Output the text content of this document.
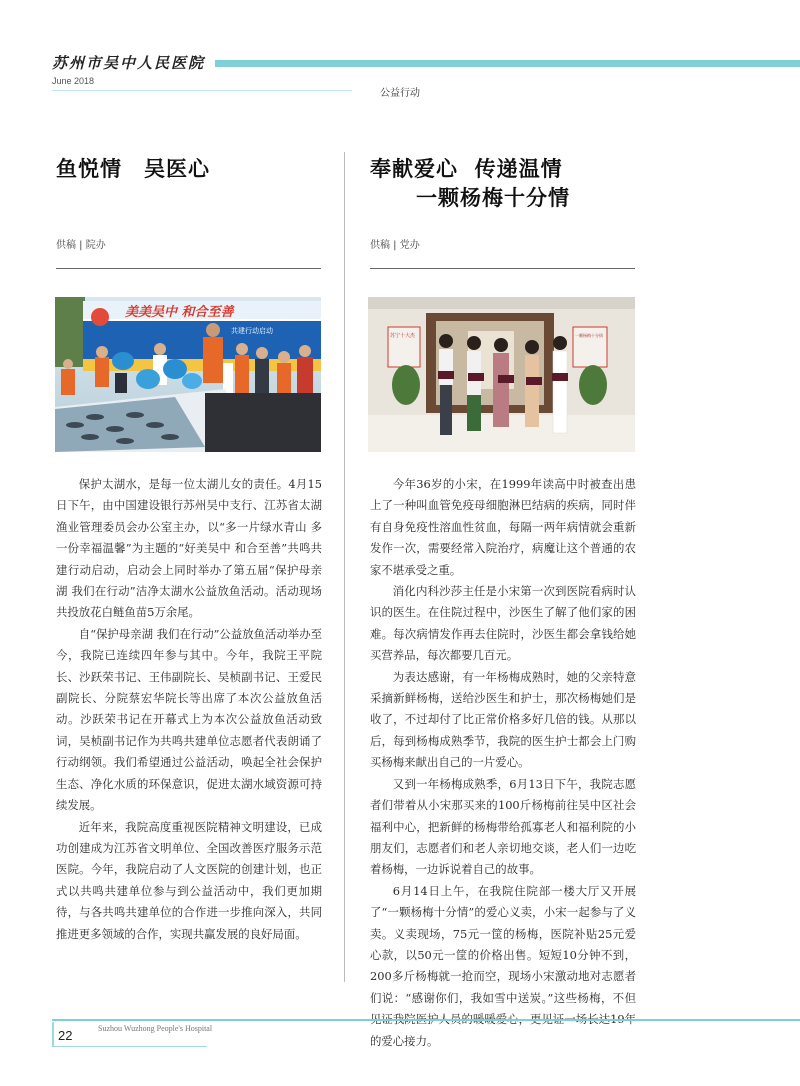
苏州市吴中人民医院
June 2018
公益行动
鱼悦情　吴医心
供稿 | 院办
美美吴中 和合至善
共建行动启动

保护太湖水，是每一位太湖儿女的责任。4月15日下午，由中国建设银行苏州吴中支行、江苏省太湖渔业管理委员会办公室主办，以“多一片绿水青山 多一份幸福温馨”为主题的“好美吴中 和合至善”共鸣共建行动启动，启动会上同时举办了第五届“保护母亲湖 我们在行动”洁净太湖水公益放鱼活动。活动现场共投放花白鲢鱼苗5万余尾。

自“保护母亲湖 我们在行动”公益放鱼活动举办至今，我院已连续四年参与其中。今年，我院王平院长、沙跃荣书记、王伟副院长、吴桢副书记、王爱民副院长、分院蔡宏华院长等出席了本次公益放鱼活动。沙跃荣书记在开幕式上为本次公益放鱼活动致词，吴桢副书记作为共鸣共建单位志愿者代表朗诵了行动纲领。我们希望通过公益活动，唤起全社会保护生态、净化水质的环保意识，促进太湖水域资源可持续发展。

近年来，我院高度重视医院精神文明建设，已成功创建成为江苏省文明单位、全国改善医疗服务示范医院。今年，我院启动了人文医院的创建计划，也正式以共鸣共建单位参与到公益活动中，我们更加期待，与各共鸣共建单位的合作进一步推向深入，共同推进更多领域的合作，实现共赢发展的良好局面。

奉献爱心  传递温情
一颗杨梅十分情
供稿 | 党办
苏宁十大杰	一颗杨梅十分情

今年36岁的小宋，在1999年读高中时被查出患上了一种叫血管免疫母细胞淋巴结病的疾病，同时伴有自身免疫性溶血性贫血，每隔一两年病情就会重新发作一次，需要经常入院治疗，病魔让这个普通的农家不堪承受之重。

消化内科沙莎主任是小宋第一次到医院看病时认识的医生。在住院过程中，沙医生了解了他们家的困难。每次病情发作再去住院时，沙医生都会拿钱给她买营养品，每次都要几百元。

为表达感谢，有一年杨梅成熟时，她的父亲特意采摘新鲜杨梅，送给沙医生和护士，那次杨梅她们是收了，不过却付了比正常价格多好几倍的钱。从那以后，每到杨梅成熟季节，我院的医生护士都会上门购买杨梅来献出自己的一片爱心。

又到一年杨梅成熟季，6月13日下午，我院志愿者们带着从小宋那买来的100斤杨梅前往吴中区社会福利中心，把新鲜的杨梅带给孤寡老人和福利院的小朋友们，志愿者们和老人亲切地交谈，老人们一边吃着杨梅，一边诉说着自己的故事。

6月14日上午，在我院住院部一楼大厅又开展了“一颗杨梅十分情”的爱心义卖，小宋一起参与了义卖。义卖现场，75元一筐的杨梅，医院补贴25元爱心款，以50元一筐的价格出售。短短10分钟不到，200多斤杨梅就一抢而空，现场小宋激动地对志愿者们说：“感谢你们，我如雪中送炭。”这些杨梅，不但 的爱心接力。

Suzhou Wuzhong People's Hospital
22
